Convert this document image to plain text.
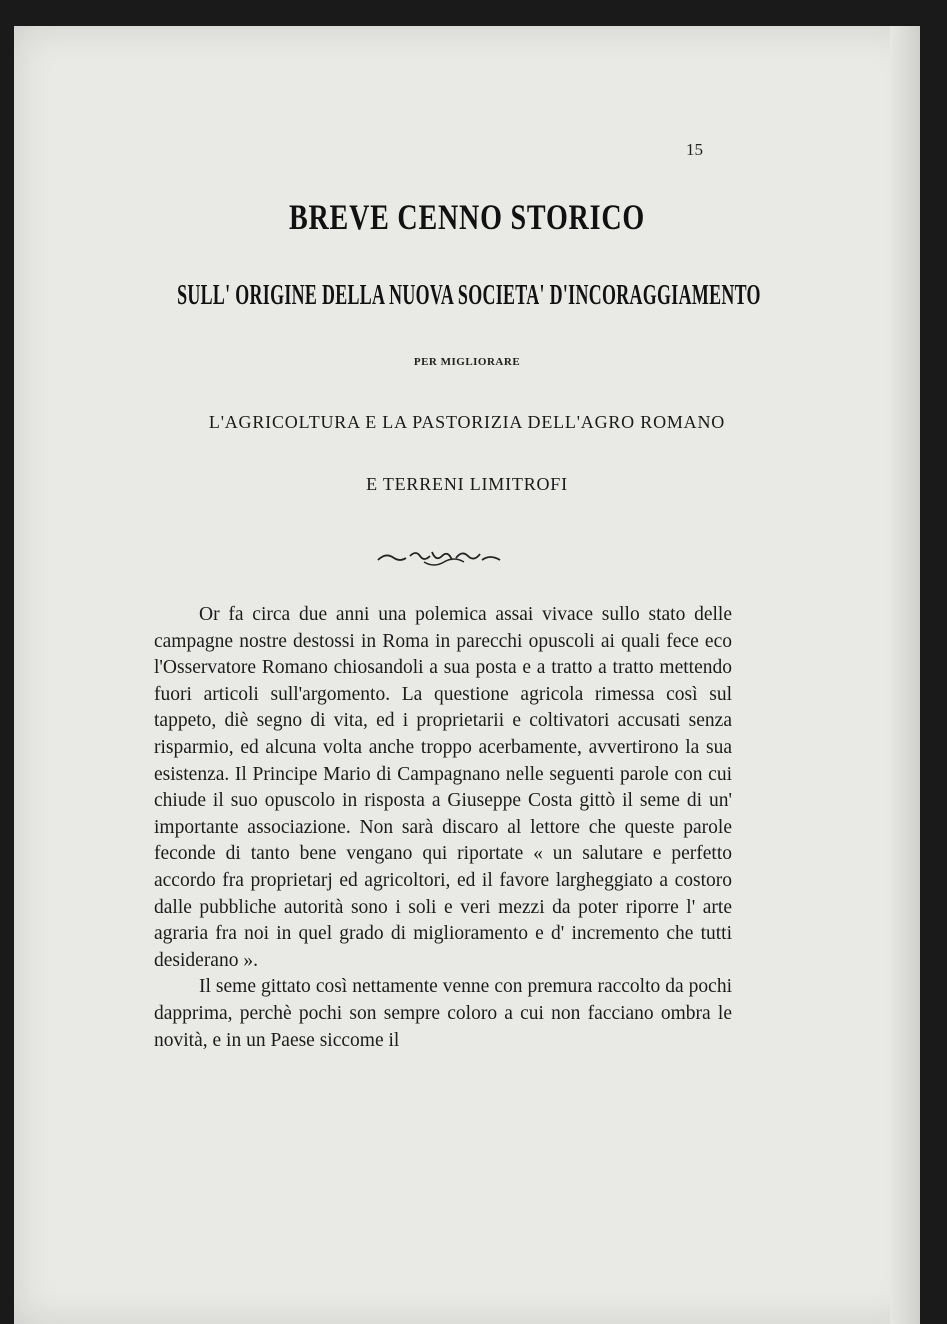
15
BREVE CENNO STORICO
SULL' ORIGINE DELLA NUOVA SOCIETA' D'INCORAGGIAMENTO
PER MIGLIORARE
L'AGRICOLTURA E LA PASTORIZIA DELL'AGRO ROMANO
E TERRENI LIMITROFI

Or fa circa due anni una polemica assai vivace sullo stato delle campagne nostre destossi in Roma in parecchi opuscoli ai quali fece eco l'Osservatore Romano chiosandoli a sua posta e a tratto a tratto mettendo fuori articoli sull'argomento. La questione agricola rimessa così sul tappeto, diè segno di vita, ed i proprietarii e coltivatori accusati senza risparmio, ed alcuna volta anche troppo acerbamente, avvertirono la sua esistenza. Il Principe Mario di Campagnano nelle seguenti parole con cui chiude il suo opuscolo in risposta a Giuseppe Costa gittò il seme di un' importante associazione. Non sarà discaro al lettore che queste parole feconde di tanto bene vengano qui riportate « un salutare e perfetto accordo fra proprietarj ed agricoltori, ed il favore largheggiato a costoro dalle pubbliche autorità sono i soli e veri mezzi da poter riporre l' arte agraria fra noi in quel grado di miglioramento e d' incremento che tutti desiderano ».

Il seme gittato così nettamente venne con premura raccolto da pochi dapprima, perchè pochi son sempre coloro a cui non facciano ombra le novità, e in un Paese siccome il
